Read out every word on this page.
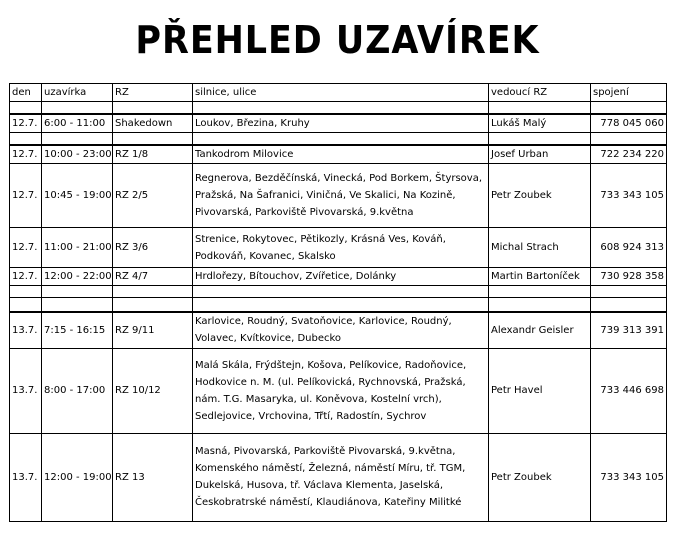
PŘEHLED UZAVÍREK
den	uzavírka	RZ	silnice, ulice	vedoucí RZ	spojení

12.7.	6:00 - 11:00	Shakedown	Loukov, Březina, Kruhy	Lukáš Malý	778 045 060

12.7.	10:00 - 23:00	RZ 1/8	Tankodrom Milovice	Josef Urban	722 234 220
12.7.	10:45 - 19:00	RZ 2/5	Regnerova, Bezděčínská, Vinecká, Pod Borkem, Štyrsova, Pražská, Na Šafranici, Viničná, Ve Skalici, Na Kozině, Pivovarská, Parkoviště Pivovarská, 9.května	Petr Zoubek	733 343 105
12.7.	11:00 - 21:00	RZ 3/6	Strenice, Rokytovec, Pětikozly, Krásná Ves, Kováň, Podkováň, Kovanec, Skalsko	Michal Strach	608 924 313
12.7.	12:00 - 22:00	RZ 4/7	Hrdlořezy, Bítouchov, Zvířetice, Dolánky	Martin Bartoníček	730 928 358

13.7.	7:15 - 16:15	RZ 9/11	Karlovice, Roudný, Svatoňovice, Karlovice, Roudný, Volavec, Kvítkovice, Dubecko	Alexandr Geisler	739 313 391
13.7.	8:00 - 17:00	RZ 10/12	Malá Skála, Frýdštejn, Košova, Pelíkovice, Radoňovice, Hodkovice n. M. (ul. Pelíkovická, Rychnovská, Pražská, nám. T.G. Masaryka, ul. Koněvova, Kostelní vrch), Sedlejovice, Vrchovina, Třtí, Radostín, Sychrov	Petr Havel	733 446 698
13.7.	12:00 - 19:00	RZ 13	Masná, Pivovarská, Parkoviště Pivovarská, 9.května, Komenského náměstí, Železná, náměstí Míru, tř. TGM, Dukelská, Husova, tř. Václava Klementa, Jaselská, Českobratrské náměstí, Klaudiánova, Kateřiny Militké	Petr Zoubek	733 343 105
